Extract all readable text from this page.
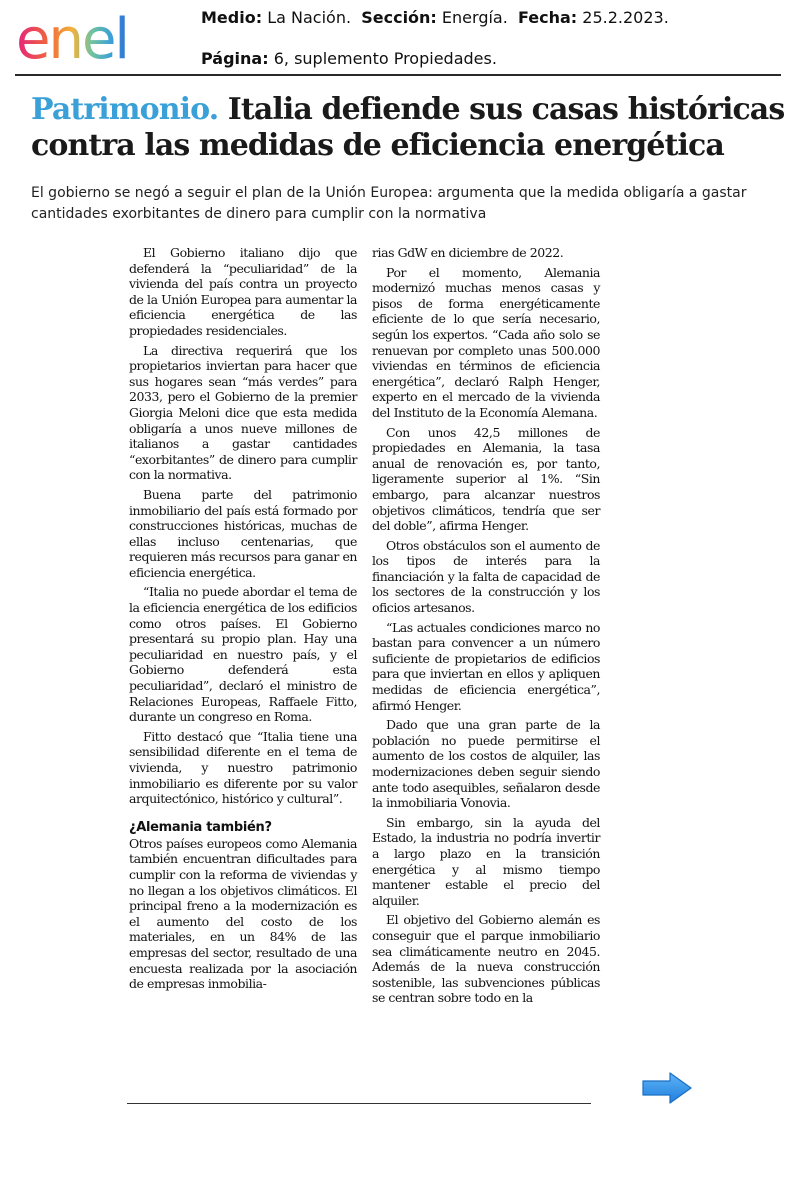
enel	Medio: La Nación. Sección: Energía. Fecha: 25.2.2023.
Página: 6, suplemento Propiedades.
Patrimonio. Italia defiende sus casas históricas
contra las medidas de eficiencia energética

El gobierno se negó a seguir el plan de la Unión Europea: argumenta que la medida obligaría a gastar cantidades exorbitantes de dinero para cumplir con la normativa

El Gobierno italiano dijo que defenderá la “peculiaridad” de la vivienda del país contra un proyecto de la Unión Europea para aumentar la eficiencia energética de las propiedades residenciales.

La directiva requerirá que los propietarios inviertan para hacer que sus hogares sean “más verdes” para 2033, pero el Gobierno de la premier Giorgia Meloni dice que esta medida obligaría a unos nueve millones de italianos a gastar cantidades “exorbitantes” de dinero para cumplir con la normativa.

Buena parte del patrimonio inmobiliario del país está formado por construcciones históricas, muchas de ellas incluso centenarias, que requieren más recursos para ganar en eficiencia energética.

“Italia no puede abordar el tema de la eficiencia energética de los edificios como otros países. El Gobierno presentará su propio plan. Hay una peculiaridad en nuestro país, y el Gobierno defenderá esta peculiaridad”, declaró el ministro de Relaciones Europeas, Raffaele Fitto, durante un congreso en Roma.

Fitto destacó que “Italia tiene una sensibilidad diferente en el tema de vivienda, y nuestro patrimonio inmobiliario es diferente por su valor arquitectónico, histórico y cultural”.

¿Alemania también?

Otros países europeos como Alemania también encuentran dificultades para cumplir con la reforma de viviendas y no llegan a los objetivos climáticos. El principal freno a la modernización es el aumento del costo de los materiales, en un 84% de las empresas del sector, resultado de una encuesta realizada por la asociación de empresas inmobilia-

rias GdW en diciembre de 2022.

Por el momento, Alemania modernizó muchas menos casas y pisos de forma energéticamente eficiente de lo que sería necesario, según los expertos. “Cada año solo se renuevan por completo unas 500.000 viviendas en términos de eficiencia energética”, declaró Ralph Henger, experto en el mercado de la vivienda del Instituto de la Economía Alemana.

Con unos 42,5 millones de propiedades en Alemania, la tasa anual de renovación es, por tanto, ligeramente superior al 1%. “Sin embargo, para alcanzar nuestros objetivos climáticos, tendría que ser del doble”, afirma Henger.

Otros obstáculos son el aumento de los tipos de interés para la financiación y la falta de capacidad de los sectores de la construcción y los oficios artesanos.

“Las actuales condiciones marco no bastan para convencer a un número suficiente de propietarios de edificios para que inviertan en ellos y apliquen medidas de eficiencia energética”, afirmó Henger.

Dado que una gran parte de la población no puede permitirse el aumento de los costos de alquiler, las modernizaciones deben seguir siendo ante todo asequibles, señalaron desde la inmobiliaria Vonovia.

Sin embargo, sin la ayuda del Estado, la industria no podría invertir a largo plazo en la transición energética y al mismo tiempo mantener estable el precio del alquiler.

El objetivo del Gobierno alemán es conseguir que el parque inmobiliario sea climáticamente neutro en 2045. Además de la nueva construcción sostenible, las subvenciones públicas se centran sobre todo en la
